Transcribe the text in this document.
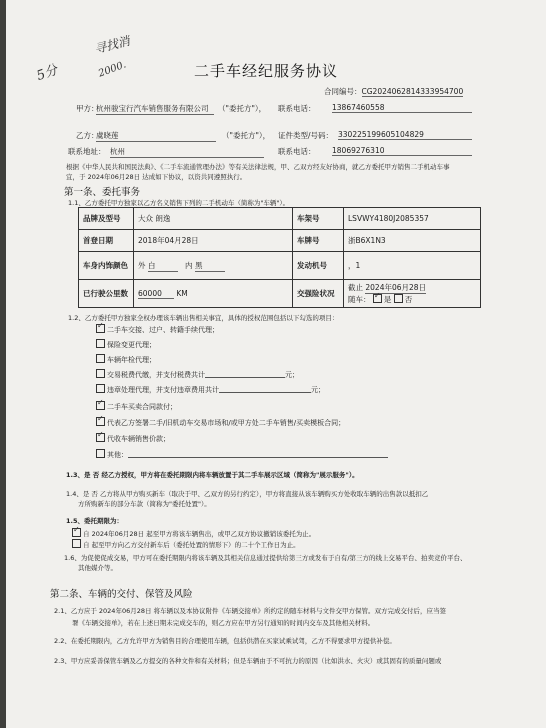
5分
寻找消
2000.	二手车经纪服务协议
合同编号：CG2024062814333954700
甲方：
杭州骏宝行汽车销售服务有限公司	（"委托方"）， 联系电话： 13867460558
乙方：
虞晓莲	（"委托方"）， 证件类型/号码： 330225199605104829
联系地址： 杭州	联系电话： 18069276310
根据《中华人民共和国民法典》、《二手车流通管理办法》等有关法律法规，甲、乙双方经友好协商，就乙方委托甲方销售二手机动车事
宜，于 2024年06月28日 达成如下协议，以资共同遵照执行。
第一条、委托事务
1.1、乙方委托甲方独家以乙方名义销售下列的二手机动车（简称为"车辆"）。
品牌及型号	大众 朗逸	车架号	LSVWY4180J2085357
首登日期	2018年04月28日	车牌号	浙B6X1N3
车身内饰颜色	外 白 内 黑	发动机号	，1
已行驶公里数	60000 KM	交强险状况	截止 2024年06月28日
随车： ✓ 是 否
1.2、乙方委托甲方独家全权办理该车辆出售相关事宜，具体的授权范围包括以下勾选的项目：
✓二手车交接、过户、转籍手续代理；
保险变更代理；
车辆年检代理；
交易税费代缴，并支付税费共计	元；
违章处理代理，并支付违章费用共计	元；
✓二手车买卖合同款付；
✓代表乙方签署二手/旧机动车交易市场和/或甲方处二手车销售/买卖模板合同；
✓代收车辆销售价款；
其他：
1.3、是 否 经乙方授权，甲方将在委托期限内将车辆放置于其二手车展示区域（简称为"展示服务"）。
1.4、是 否 乙方将从甲方购买新车（取决于甲、乙双方的另行约定），甲方将直接从该车辆购买方处收取车辆的出售款以抵扣乙
方所购新车的部分车款（简称为"委托处置"）。
1.5、委托期限为：
✓自 2024年06月28日 起至甲方将该车辆售出，或甲乙双方协议撤销该委托为止。
自 起至甲方向乙方交付新车后（委托处置的情形下）的二十个工作日为止。
1.6、为促使促成交易，甲方可在委托期限内将该车辆及其相关信息通过提供给第三方或发布于自有/第三方的线上交易平台、拍卖竞价平台、
其他媒介等。
第二条、车辆的交付、保管及风险
2.1、乙方应于 2024年06月28日 将车辆以及本协议附件《车辆交接单》所约定的随车材料与文件交甲方保管。双方完成交付后，应当签
署《车辆交接单》，若在上述日期未完成交车的，则乙方应在甲方另行通知的时间内交车及其他相关材料。
2.2、在委托期限内，乙方允许甲方为销售目的合理使用车辆，包括供潜在买家试乘试驾，乙方不得要求甲方提供补偿。
2.3、甲方应妥善保管车辆及乙方提交的各种文件和有关材料；但是车辆由于不可抗力的原因（比如洪水、火灾）或其固有的质量问题或
